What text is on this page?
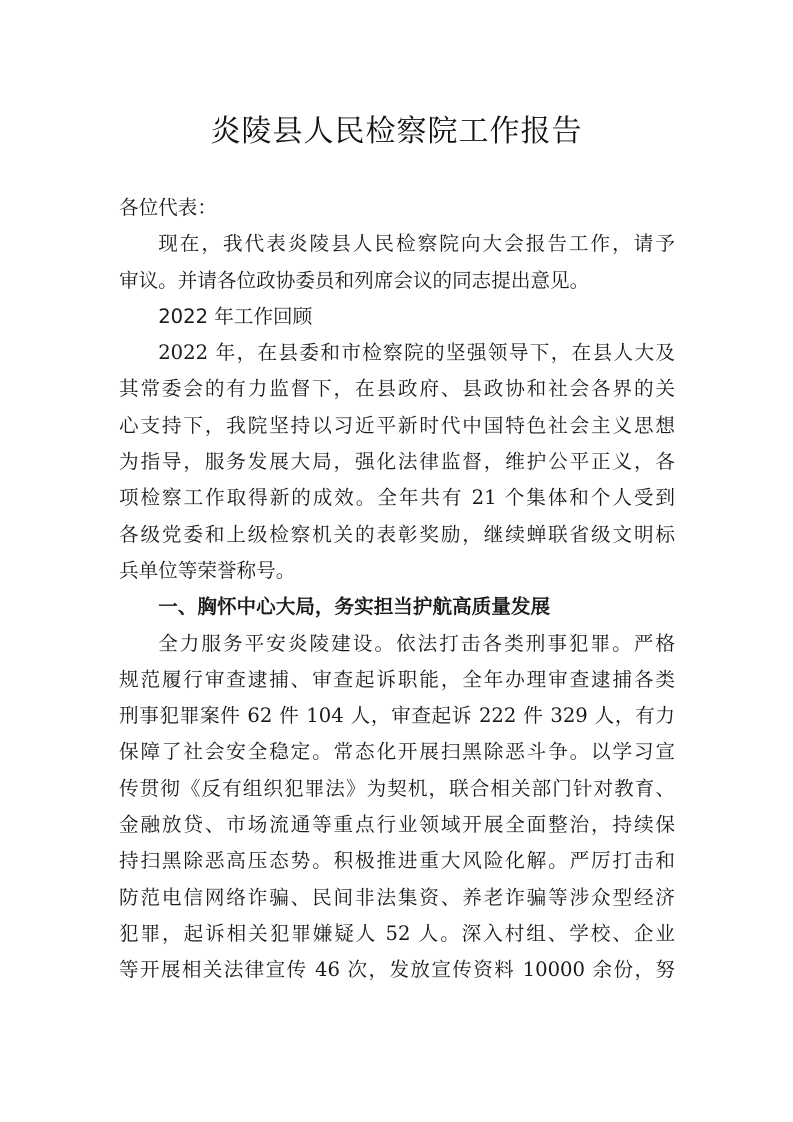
炎陵县人民检察院工作报告

各位代表：

现在，我代表炎陵县人民检察院向大会报告工作，请予
审议。并请各位政协委员和列席会议的同志提出意见。

2022 年工作回顾

2022 年，在县委和市检察院的坚强领导下，在县人大及
其常委会的有力监督下，在县政府、县政协和社会各界的关
心支持下，我院坚持以习近平新时代中国特色社会主义思想
为指导，服务发展大局，强化法律监督，维护公平正义，各
项检察工作取得新的成效。全年共有 21 个集体和个人受到
各级党委和上级检察机关的表彰奖励，继续蝉联省级文明标
兵单位等荣誉称号。

一、胸怀中心大局，务实担当护航高质量发展

全力服务平安炎陵建设。依法打击各类刑事犯罪。严格
规范履行审查逮捕、审查起诉职能，全年办理审查逮捕各类
刑事犯罪案件 62 件 104 人，审查起诉 222 件 329 人，有力
保障了社会安全稳定。常态化开展扫黑除恶斗争。以学习宣
传贯彻《反有组织犯罪法》为契机，联合相关部门针对教育、
金融放贷、市场流通等重点行业领域开展全面整治，持续保
持扫黑除恶高压态势。积极推进重大风险化解。严厉打击和
防范电信网络诈骗、民间非法集资、养老诈骗等涉众型经济
犯罪，起诉相关犯罪嫌疑人 52 人。深入村组、学校、企业
等开展相关法律宣传 46 次，发放宣传资料 10000 余份，努
